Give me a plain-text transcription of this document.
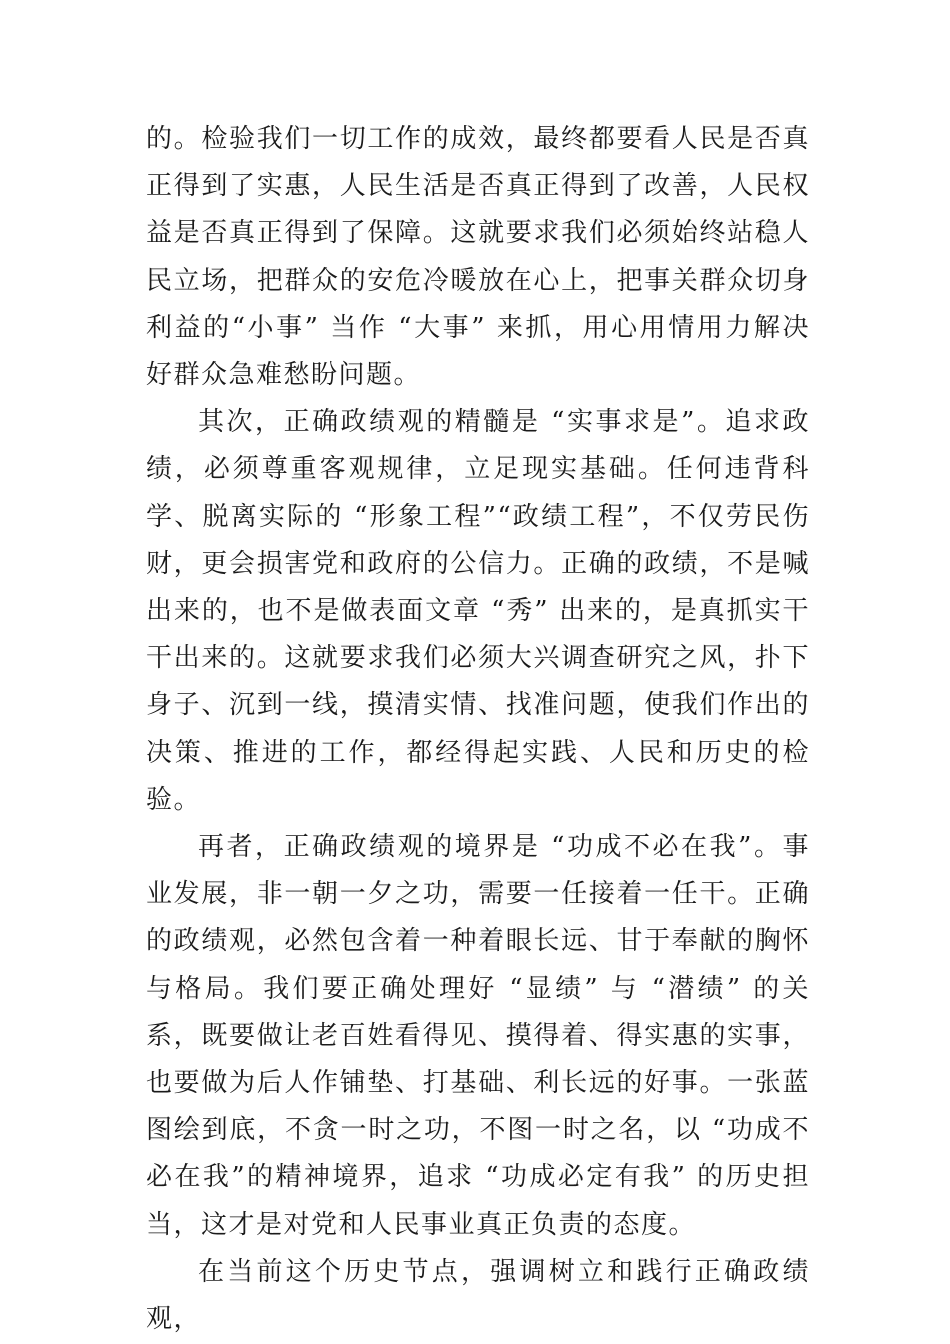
的。检验我们一切工作的成效，最终都要看人民是否真正得到了实惠，人民生活是否真正得到了改善，人民权益是否真正得到了保障。这就要求我们必须始终站稳人民立场，把群众的安危冷暖放在心上，把事关群众切身利益的“小事” 当作 “大事” 来抓，用心用情用力解决好群众急难愁盼问题。

其次，正确政绩观的精髓是 “实事求是”。追求政绩，必须尊重客观规律，立足现实基础。任何违背科学、脱离实际的 “形象工程”“政绩工程”，不仅劳民伤财，更会损害党和政府的公信力。正确的政绩，不是喊出来的，也不是做表面文章 “秀” 出来的，是真抓实干干出来的。这就要求我们必须大兴调查研究之风，扑下身子、沉到一线，摸清实情、找准问题，使我们作出的决策、推进的工作，都经得起实践、人民和历史的检验。

再者，正确政绩观的境界是 “功成不必在我”。事业发展，非一朝一夕之功，需要一任接着一任干。正确的政绩观，必然包含着一种着眼长远、甘于奉献的胸怀与格局。我们要正确处理好 “显绩” 与 “潜绩” 的关系，既要做让老百姓看得见、摸得着、得实惠的实事，也要做为后人作铺垫、打基础、利长远的好事。一张蓝图绘到底，不贪一时之功，不图一时之名，以 “功成不必在我”的精神境界，追求 “功成必定有我” 的历史担当，这才是对党和人民事业真正负责的态度。

在当前这个历史节点，强调树立和践行正确政绩观，
